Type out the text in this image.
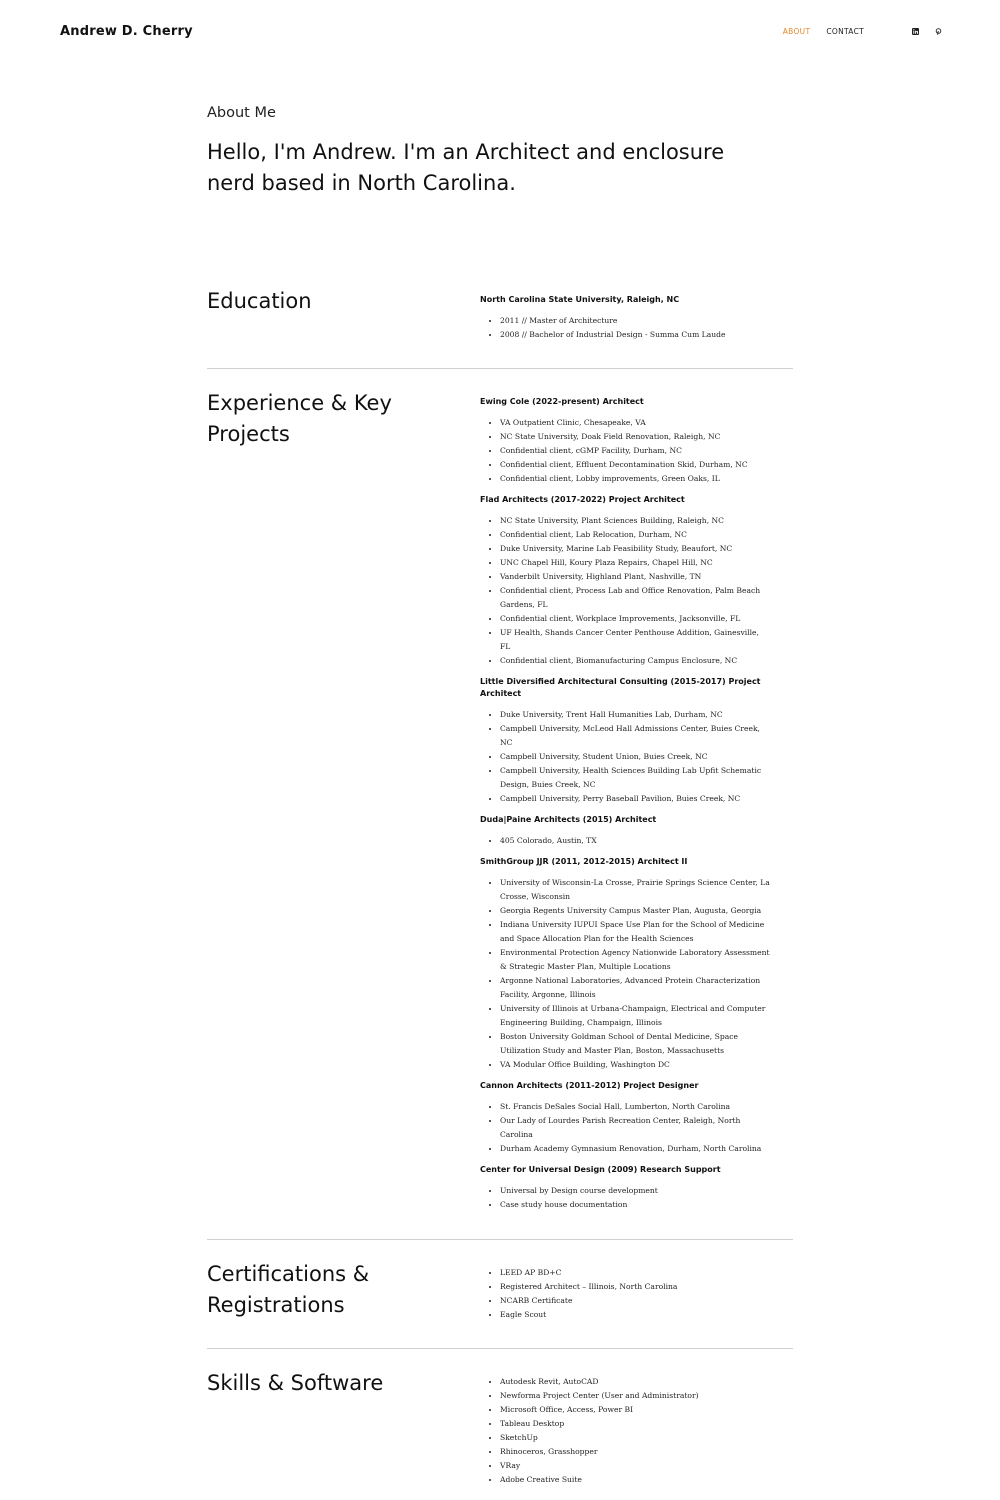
Andrew D. Cherry	ABOUT CONTACT

About Me

Hello, I'm Andrew. I'm an Architect and enclosure nerd based in North Carolina.
Education	North Carolina State University, Raleigh, NC

• 2011 // Master of Architecture
• 2008 // Bachelor of Industrial Design - Summa Cum Laude
Experience & Key Projects

Ewing Cole (2022-present) Architect

• VA Outpatient Clinic, Chesapeake, VA
• NC State University, Doak Field Renovation, Raleigh, NC
• Confidential client, cGMP Facility, Durham, NC
• Confidential client, Effluent Decontamination Skid, Durham, NC
• Confidential client, Lobby improvements, Green Oaks, IL

Flad Architects (2017-2022) Project Architect

• NC State University, Plant Sciences Building, Raleigh, NC
• Confidential client, Lab Relocation, Durham, NC
• Duke University, Marine Lab Feasibility Study, Beaufort, NC
• UNC Chapel Hill, Koury Plaza Repairs, Chapel Hill, NC
• Vanderbilt University, Highland Plant, Nashville, TN
• Confidential client, Process Lab and Office Renovation, Palm Beach Gardens, FL
• Confidential client, Workplace Improvements, Jacksonville, FL
• UF Health, Shands Cancer Center Penthouse Addition, Gainesville, FL
• Confidential client, Biomanufacturing Campus Enclosure, NC

Little Diversified Architectural Consulting (2015-2017) Project Architect

• Duke University, Trent Hall Humanities Lab, Durham, NC
• Campbell University, McLeod Hall Admissions Center, Buies Creek, NC
• Campbell University, Student Union, Buies Creek, NC
• Campbell University, Health Sciences Building Lab Upfit Schematic Design, Buies Creek, NC
• Campbell University, Perry Baseball Pavilion, Buies Creek, NC

Duda|Paine Architects (2015) Architect

• 405 Colorado, Austin, TX

SmithGroup JJR (2011, 2012-2015) Architect II

• University of Wisconsin-La Crosse, Prairie Springs Science Center, La Crosse, Wisconsin
• Georgia Regents University Campus Master Plan, Augusta, Georgia
• Indiana University IUPUI Space Use Plan for the School of Medicine and Space Allocation Plan for the Health Sciences
• Environmental Protection Agency Nationwide Laboratory Assessment & Strategic Master Plan, Multiple Locations
• Argonne National Laboratories, Advanced Protein Characterization Facility, Argonne, Illinois
• University of Illinois at Urbana-Champaign, Electrical and Computer Engineering Building, Champaign, Illinois
• Boston University Goldman School of Dental Medicine, Space Utilization Study and Master Plan, Boston, Massachusetts
• VA Modular Office Building, Washington DC

Cannon Architects (2011-2012) Project Designer

• St. Francis DeSales Social Hall, Lumberton, North Carolina
• Our Lady of Lourdes Parish Recreation Center, Raleigh, North Carolina
• Durham Academy Gymnasium Renovation, Durham, North Carolina

Center for Universal Design (2009) Research Support

• Universal by Design course development
• Case study house documentation
Certifications & Registrations
• LEED AP BD+C
• Registered Architect – Illinois, North Carolina
• NCARB Certificate
• Eagle Scout
Skills & Software
•	Autodesk Revit, AutoCAD
• Newforma Project Center (User and Administrator)
• Microsoft Office, Access, Power BI
• Tableau Desktop
• SketchUp
• Rhinoceros, Grasshopper
• VRay
• Adobe Creative Suite
